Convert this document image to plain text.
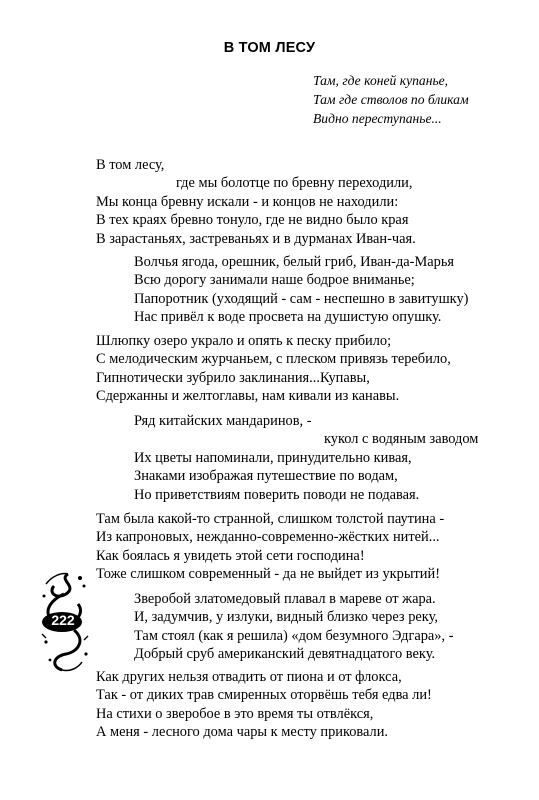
В ТОМ ЛЕСУ
Там, где коней купанье,
Там где стволов по бликам
Видно переступанье...
В том лесу,
где мы болотце по бревну переходили,
Мы конца бревну искали - и концов не находили:
В тех краях бревно тонуло, где не видно было края
В зарастаньях, застреваньях и в дурманах Иван-чая.
Волчья ягода, орешник, белый гриб, Иван-да-Марья
Всю дорогу занимали наше бодрое вниманье;
Папоротник (уходящий - сам - неспешно в завитушку)
Нас привёл к воде просвета на душистую опушку.
Шлюпку озеро украло и опять к песку прибило;
С мелодическим журчаньем, с плеском привязь теребило,
Гипнотически зубрило заклинания...Купавы,
Сдержанны и желтоглавы, нам кивали из канавы.
Ряд китайских мандаринов, -
кукол с водяным заводом
Их цветы напоминали, принудительно кивая,
Знаками изображая путешествие по водам,
Но приветствиям поверить поводи не подавая.
Там была какой-то странной, слишком толстой паутина -
Из капроновых, нежданно-современно-жёстких нитей...
Как боялась я увидеть этой сети господина!
Тоже слишком современный - да не выйдет из укрытий!
Зверобой златомедовый плавал в мареве от жара.
И, задумчив, у излуки, видный близко через реку,
Там стоял (как я решила) «дом безумного Эдгара», -
Добрый сруб американский девятнадцатого веку.
Как других нельзя отвадить от пиона и от флокса,
Так - от диких трав смиренных оторвёшь тебя едва ли!
На стихи о зверобое в это время ты отвлёкся,
А меня - лесного дома чары к месту приковали.
222
